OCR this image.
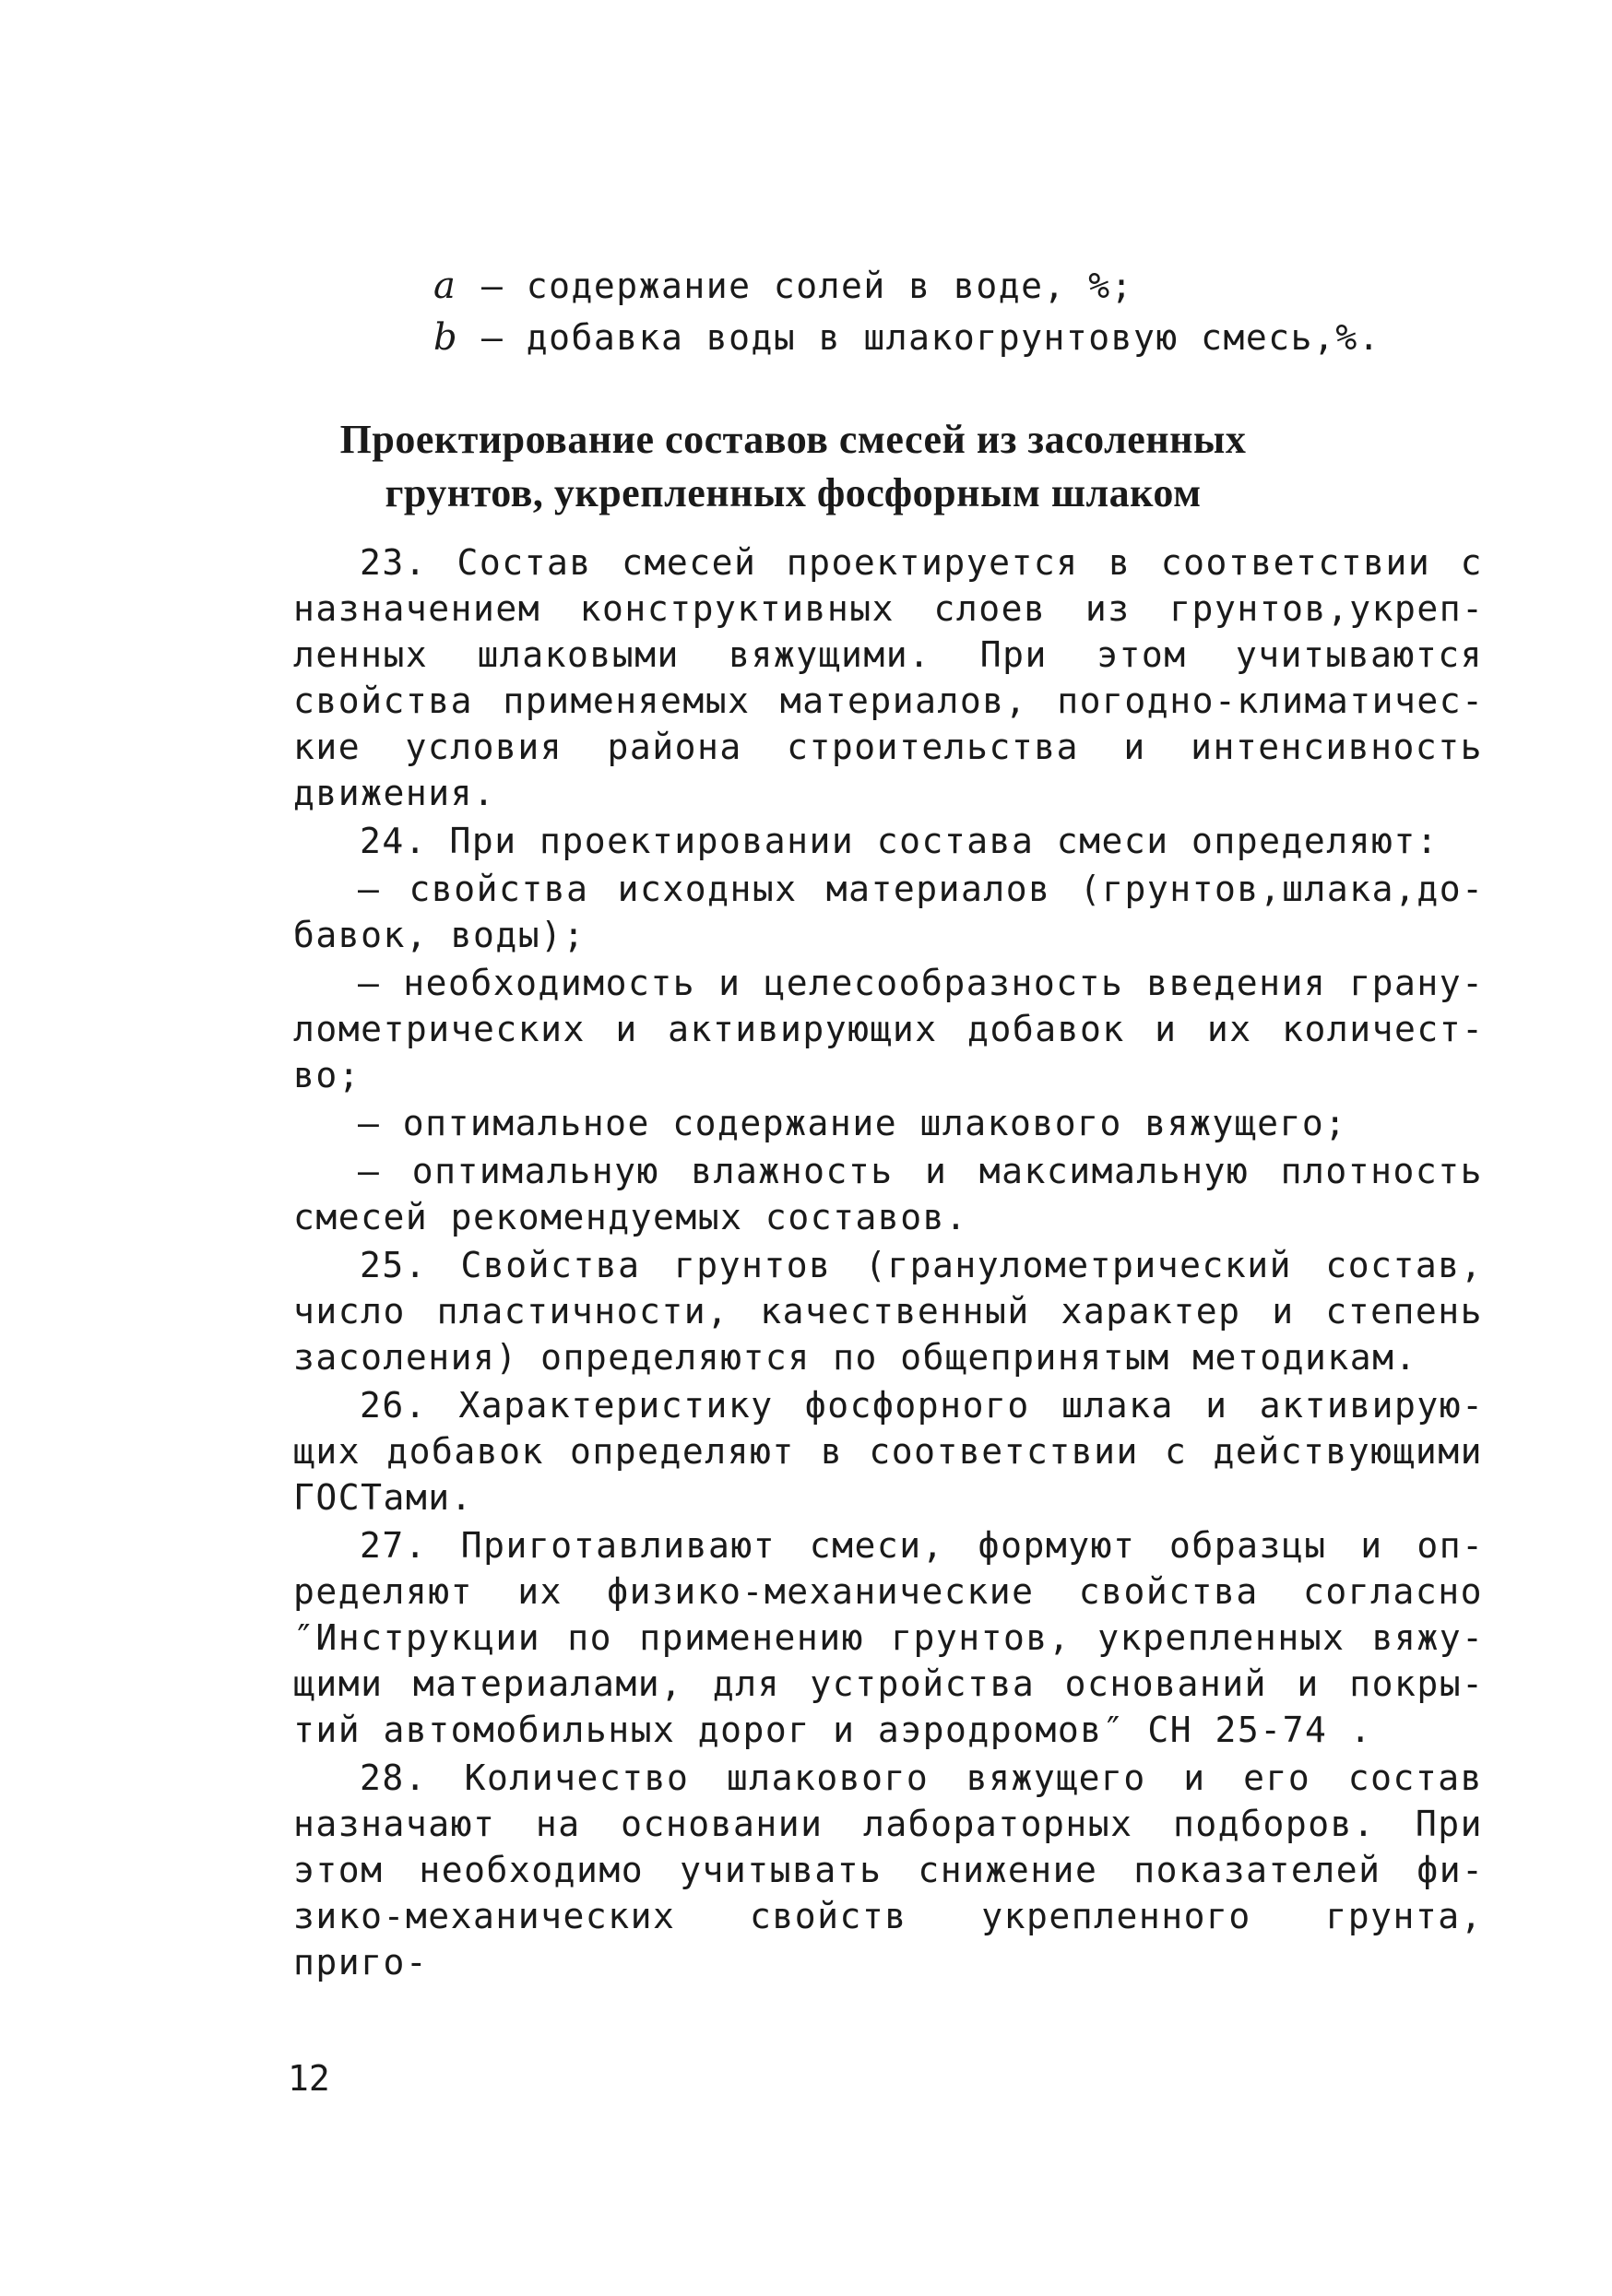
a – содержание солей в воде, %;
b – добавка воды в шлакогрунтовую смесь,%.
Проектирование составов смесей из засоленных
грунтов, укрепленных фосфорным шлаком

23. Состав смесей проектируется в соответствии с назначением конструктивных слоев из грунтов,укрепленных шлаковыми вяжущими. При этом учитываются свойства применяемых материалов, погодно-климатические условия района строительства и интенсивность движения.

24. При проектировании состава смеси определяют:

– свойства исходных материалов (грунтов,шлака,добавок, воды);

– необходимость и целесообразность введения гранулометрических и активирующих добавок и их количество;

– оптимальное содержание шлакового вяжущего;

– оптимальную влажность и максимальную плотность смесей рекомендуемых составов.

25. Свойства грунтов (гранулометрический состав, число пластичности, качественный характер и степень засоления) определяются по общепринятым методикам.

26. Характеристику фосфорного шлака и активирующих добавок определяют в соответствии с действующими ГОСТами.

27. Приготавливают смеси, формуют образцы и определяют их физико-механические свойства согласно ″Инструкции по применению грунтов, укрепленных вяжущими материалами, для устройства оснований и покрытий автомобильных дорог и аэродромов″ СН 25-74 .

28. Количество шлакового вяжущего и его состав назначают на основании лабораторных подборов. При этом необходимо учитывать снижение показателей физико-механических свойств укрепленного грунта, приго-

12
